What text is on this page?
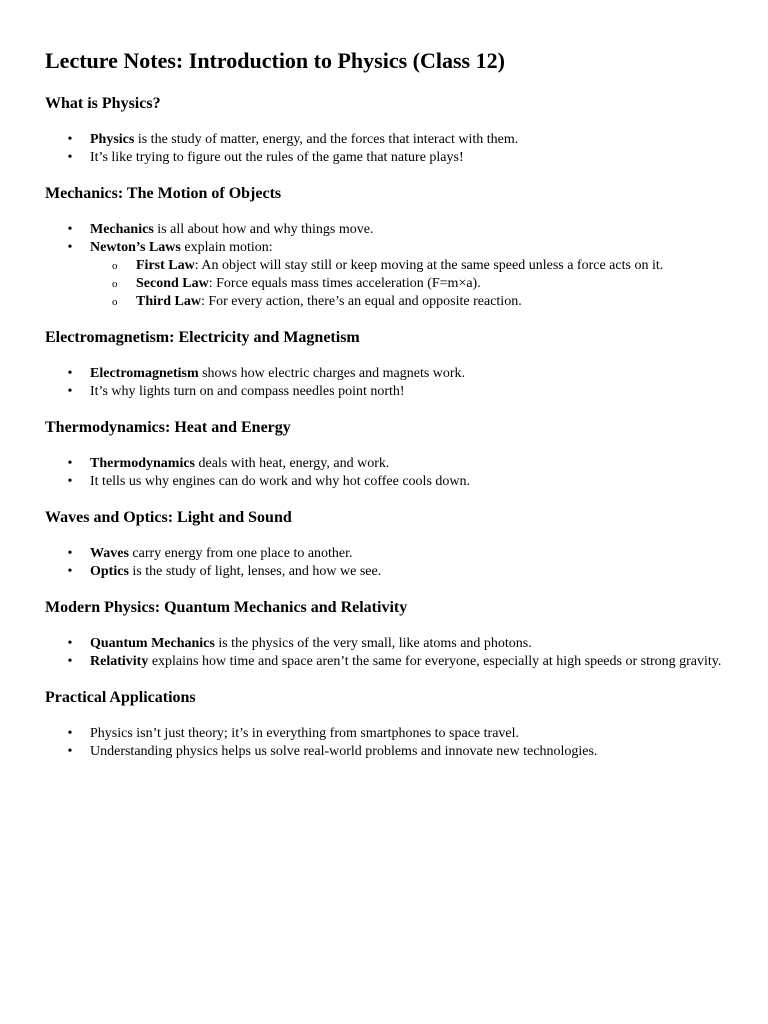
Lecture Notes: Introduction to Physics (Class 12)
What is Physics?
• Physics is the study of matter, energy, and the forces that interact with them.
• It’s like trying to figure out the rules of the game that nature plays!
Mechanics: The Motion of Objects
• Mechanics is all about how and why things move.
• Newton’s Laws explain motion:
o First Law: An object will stay still or keep moving at the same speed unless a force acts on it.
o Second Law: Force equals mass times acceleration (F=m×a).
o Third Law: For every action, there’s an equal and opposite reaction.
Electromagnetism: Electricity and Magnetism
• Electromagnetism shows how electric charges and magnets work.
• It’s why lights turn on and compass needles point north!
Thermodynamics: Heat and Energy
• Thermodynamics deals with heat, energy, and work.
• It tells us why engines can do work and why hot coffee cools down.
Waves and Optics: Light and Sound
• Waves carry energy from one place to another.
• Optics is the study of light, lenses, and how we see.
Modern Physics: Quantum Mechanics and Relativity
• Quantum Mechanics is the physics of the very small, like atoms and photons.
• Relativity explains how time and space aren’t the same for everyone, especially at high speeds or strong gravity.
Practical Applications
• Physics isn’t just theory; it’s in everything from smartphones to space travel.
• Understanding physics helps us solve real-world problems and innovate new technologies.
